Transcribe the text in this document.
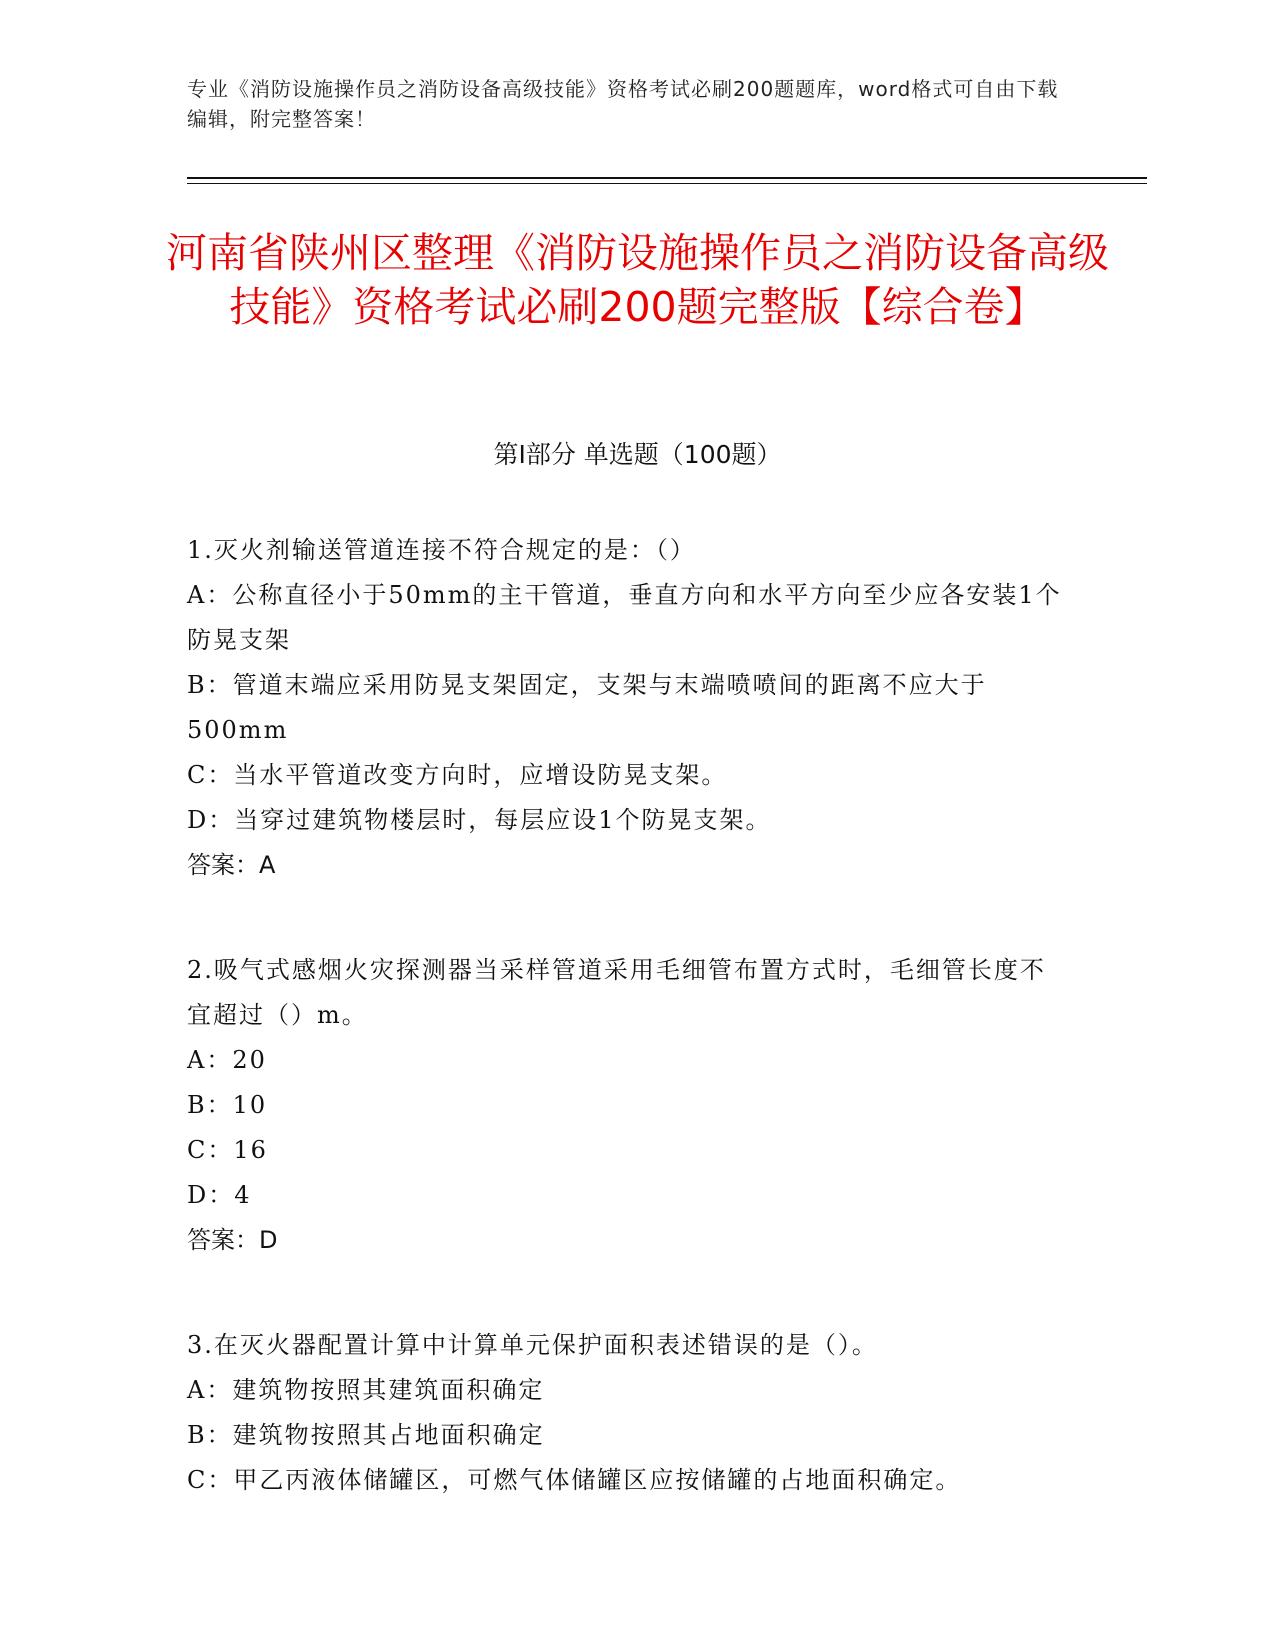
专业《消防设施操作员之消防设备高级技能》资格考试必刷200题题库，word格式可自由下载编辑，附完整答案！
河南省陕州区整理《消防设施操作员之消防设备高级技能》资格考试必刷200题完整版【综合卷】
第I部分 单选题（100题）
1.灭火剂输送管道连接不符合规定的是：（）
A：公称直径小于50mm的主干管道，垂直方向和水平方向至少应各安装1个防晃支架
B：管道末端应采用防晃支架固定，支架与末端喷喷间的距离不应大于500mm
C：当水平管道改变方向时，应增设防晃支架。
D：当穿过建筑物楼层时，每层应设1个防晃支架。
答案：A
2.吸气式感烟火灾探测器当采样管道采用毛细管布置方式时，毛细管长度不宜超过（）m。
A：20
B：10
C：16
D：4
答案：D
3.在灭火器配置计算中计算单元保护面积表述错误的是（）。
A：建筑物按照其建筑面积确定
B：建筑物按照其占地面积确定
C：甲乙丙液体储罐区，可燃气体储罐区应按储罐的占地面积确定。
